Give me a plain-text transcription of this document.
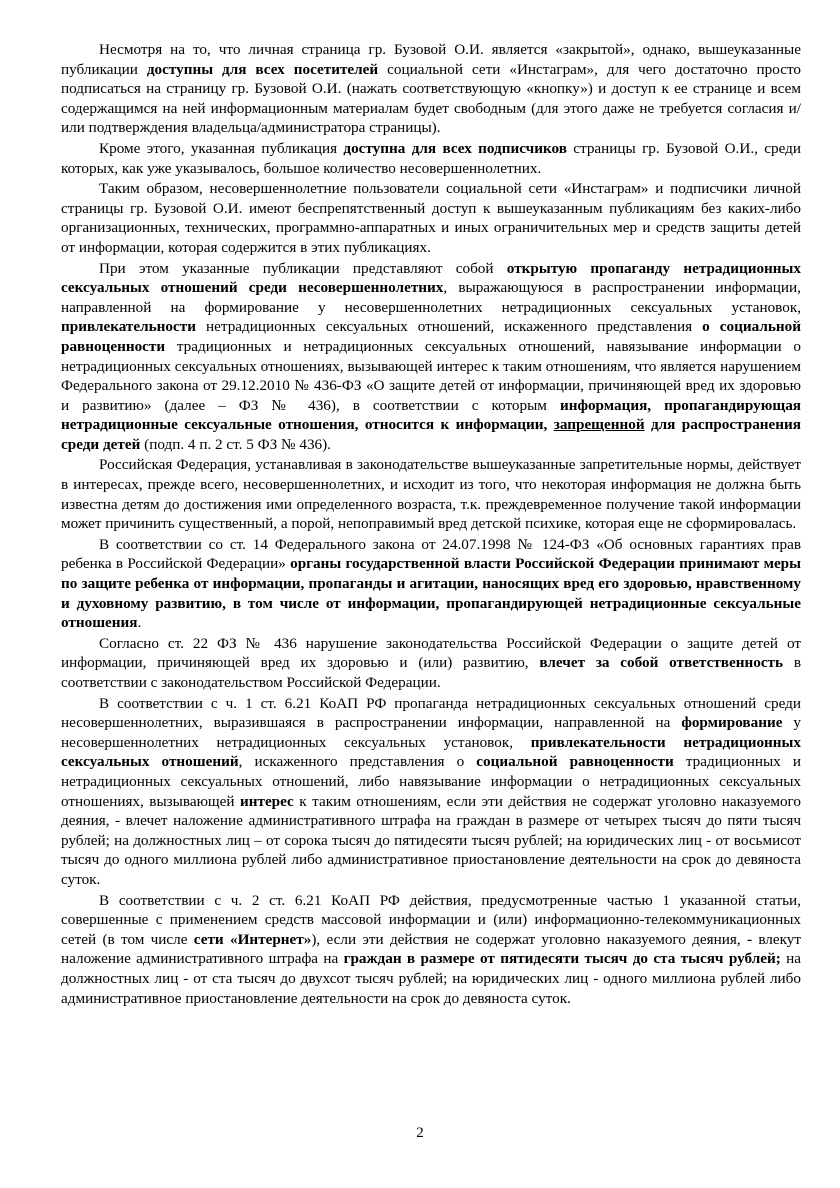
Несмотря на то, что личная страница гр. Бузовой О.И. является «закрытой», однако, вышеуказанные публикации доступны для всех посетителей социальной сети «Инстаграм», для чего достаточно просто подписаться на страницу гр. Бузовой О.И. (нажать соответствующую «кнопку») и доступ к ее странице и всем содержащимся на ней информационным материалам будет свободным (для этого даже не требуется согласия и/или подтверждения владельца/администратора страницы).

Кроме этого, указанная публикация доступна для всех подписчиков страницы гр. Бузовой О.И., среди которых, как уже указывалось, большое количество несовершеннолетних.

Таким образом, несовершеннолетние пользователи социальной сети «Инстаграм» и подписчики личной страницы гр. Бузовой О.И. имеют беспрепятственный доступ к вышеуказанным публикациям без каких-либо организационных, технических, программно-аппаратных и иных ограничительных мер и средств защиты детей от информации, которая содержится в этих публикациях.

При этом указанные публикации представляют собой открытую пропаганду нетрадиционных сексуальных отношений среди несовершеннолетних, выражающуюся в распространении информации, направленной на формирование у несовершеннолетних нетрадиционных сексуальных установок, привлекательности нетрадиционных сексуальных отношений, искаженного представления о социальной равноценности традиционных и нетрадиционных сексуальных отношений, навязывание информации о нетрадиционных сексуальных отношениях, вызывающей интерес к таким отношениям, что является нарушением Федерального закона от 29.12.2010 № 436-ФЗ «О защите детей от информации, причиняющей вред их здоровью и развитию» (далее – ФЗ № 436), в соответствии с которым информация, пропагандирующая нетрадиционные сексуальные отношения, относится к информации, запрещенной для распространения среди детей (подп. 4 п. 2 ст. 5 ФЗ № 436).

Российская Федерация, устанавливая в законодательстве вышеуказанные запретительные нормы, действует в интересах, прежде всего, несовершеннолетних, и исходит из того, что некоторая информация не должна быть известна детям до достижения ими определенного возраста, т.к. преждевременное получение такой информации может причинить существенный, а порой, непоправимый вред детской психике, которая еще не сформировалась.

В соответствии со ст. 14 Федерального закона от 24.07.1998 № 124-ФЗ «Об основных гарантиях прав ребенка в Российской Федерации» органы государственной власти Российской Федерации принимают меры по защите ребенка от информации, пропаганды и агитации, наносящих вред его здоровью, нравственному и духовному развитию, в том числе от информации, пропагандирующей нетрадиционные сексуальные отношения.

Согласно ст. 22 ФЗ № 436 нарушение законодательства Российской Федерации о защите детей от информации, причиняющей вред их здоровью и (или) развитию, влечет за собой ответственность в соответствии с законодательством Российской Федерации.

В соответствии с ч. 1 ст. 6.21 КоАП РФ пропаганда нетрадиционных сексуальных отношений среди несовершеннолетних, выразившаяся в распространении информации, направленной на формирование у несовершеннолетних нетрадиционных сексуальных установок, привлекательности нетрадиционных сексуальных отношений, искаженного представления о социальной равноценности традиционных и нетрадиционных сексуальных отношений, либо навязывание информации о нетрадиционных сексуальных отношениях, вызывающей интерес к таким отношениям, если эти действия не содержат уголовно наказуемого деяния, - влечет наложение административного штрафа на граждан в размере от четырех тысяч до пяти тысяч рублей; на должностных лиц – от сорока тысяч до пятидесяти тысяч рублей; на юридических лиц - от восьмисот тысяч до одного миллиона рублей либо административное приостановление деятельности на срок до девяноста суток.

В соответствии с ч. 2 ст. 6.21 КоАП РФ действия, предусмотренные частью 1 указанной статьи, совершенные с применением средств массовой информации и (или) информационно-телекоммуникационных сетей (в том числе сети «Интернет»), если эти действия не содержат уголовно наказуемого деяния, - влекут наложение административного штрафа на граждан в размере от пятидесяти тысяч до ста тысяч рублей; на должностных лиц - от ста тысяч до двухсот тысяч рублей; на юридических лиц - одного миллиона рублей либо административное приостановление деятельности на срок до девяноста суток.

2
